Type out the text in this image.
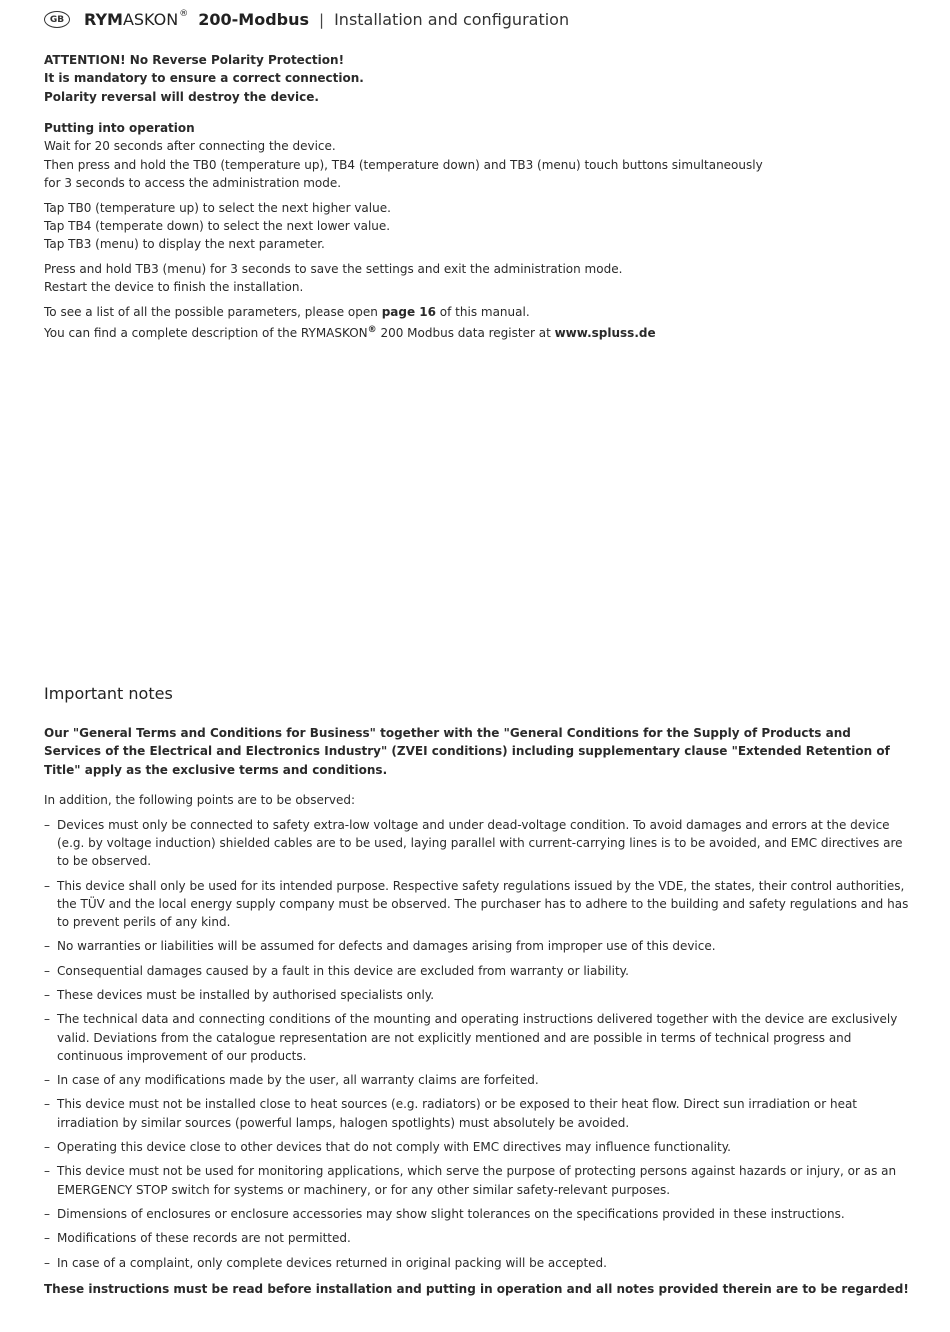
GB	RYMASKON® 200-Modbus | Installation and configuration

ATTENTION! No Reverse Polarity Protection!

It is mandatory to ensure a correct connection.

Polarity reversal will destroy the device.

Putting into operation

Wait for 20 seconds after connecting the device.

Then press and hold the TB0 (temperature up), TB4 (temperature down) and TB3 (menu) touch buttons simultaneously

for 3 seconds to access the administration mode.

Tap TB0 (temperature up) to select the next higher value.

Tap TB4 (temperate down) to select the next lower value.

Tap TB3 (menu) to display the next parameter.

Press and hold TB3 (menu) for 3 seconds to save the settings and exit the administration mode.

Restart the device to finish the installation.

To see a list of all the possible parameters, please open page 16 of this manual.

You can find a complete description of the RYMASKON® 200 Modbus data register at www.spluss.de

Important notes

Our "General Terms and Conditions for Business" together with the "General Conditions for the Supply of Products and Services of the Electrical and Electronics Industry" (ZVEI conditions) including supplementary clause "Extended Retention of Title" apply as the exclusive terms and conditions.

In addition, the following points are to be observed:

– Devices must only be connected to safety extra-low voltage and under dead-voltage condition. To avoid damages and errors at the device (e.g. by voltage induction) shielded cables are to be used, laying parallel with current-carrying lines is to be avoided, and EMC directives are to be observed.
– This device shall only be used for its intended purpose. Respective safety regulations issued by the VDE, the states, their control authorities, the TÜV and the local energy supply company must be observed. The purchaser has to adhere to the building and safety regulations and has to prevent perils of any kind.
– No warranties or liabilities will be assumed for defects and damages arising from improper use of this device.
– Consequential damages caused by a fault in this device are excluded from warranty or liability.
– These devices must be installed by authorised specialists only.
– The technical data and connecting conditions of the mounting and operating instructions delivered together with the device are exclusively valid. Deviations from the catalogue representation are not explicitly mentioned and are possible in terms of technical progress and continuous improvement of our products.
– In case of any modifications made by the user, all warranty claims are forfeited.
– This device must not be installed close to heat sources (e.g. radiators) or be exposed to their heat flow. Direct sun irradiation or heat irradiation by similar sources (powerful lamps, halogen spotlights) must absolutely be avoided.
– Operating this device close to other devices that do not comply with EMC directives may influence functionality.
– This device must not be used for monitoring applications, which serve the purpose of protecting persons against hazards or injury, or as an EMERGENCY STOP switch for systems or machinery, or for any other similar safety-relevant purposes.
– Dimensions of enclosures or enclosure accessories may show slight tolerances on the specifications provided in these instructions.
– Modifications of these records are not permitted.
– In case of a complaint, only complete devices returned in original packing will be accepted.

These instructions must be read before installation and putting in operation and all notes provided therein are to be regarded!
